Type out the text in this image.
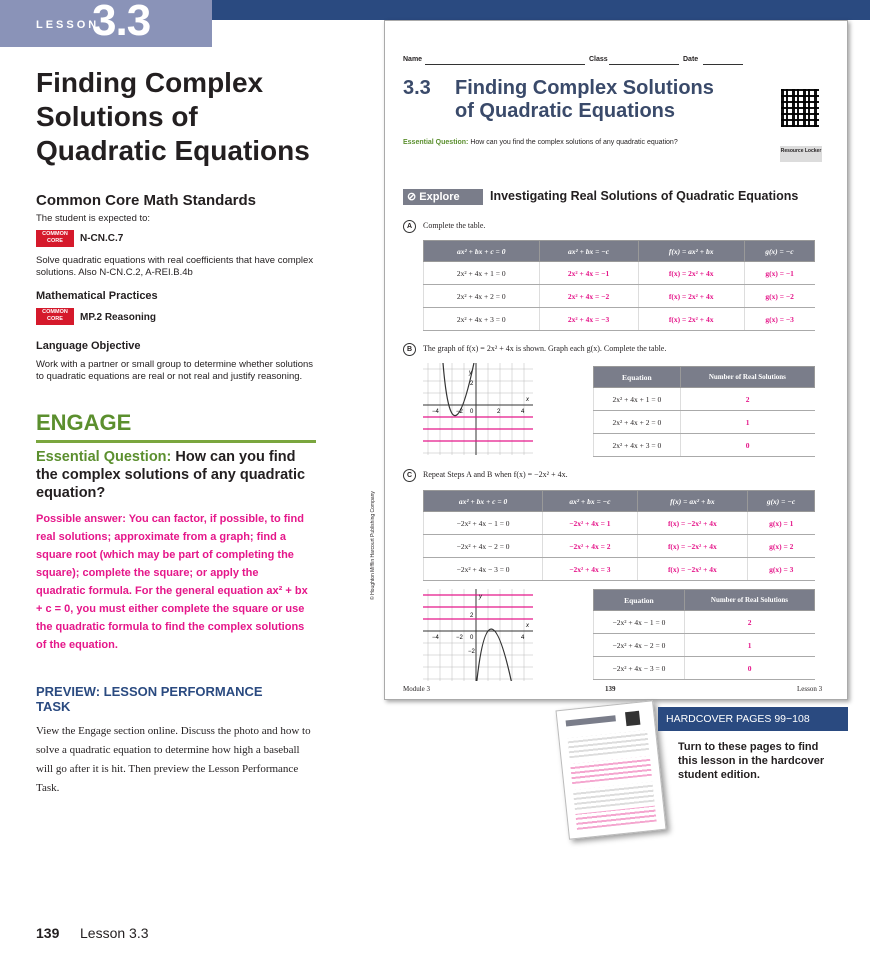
LESSON
3.3
Finding Complex Solutions of Quadratic Equations
Common Core Math Standards
The student is expected to:
COMMON CORE	N-CN.C.7
Solve quadratic equations with real coefficients that have complex solutions. Also N-CN.C.2, A-REI.B.4b
Mathematical Practices
COMMON CORE	MP.2 Reasoning
Language Objective
Work with a partner or small group to determine whether solutions to quadratic equations are real or not real and justify reasoning.
ENGAGE
Essential Question: How can you find the complex solutions of any quadratic equation?
Possible answer: You can factor, if possible, to find real solutions; approximate from a graph; find a square root (which may be part of completing the square); complete the square; or apply the quadratic formula. For the general equation ax² + bx + c = 0, you must either complete the square or use the quadratic formula to find the complex solutions of the equation.
PREVIEW: LESSON PERFORMANCE TASK
View the Engage section online. Discuss the photo and how to solve a quadratic equation to determine how high a baseball will go after it is hit. Then preview the Lesson Performance Task.
139 Lesson 3.3
© Houghton Mifflin Harcourt Publishing Company
Name	Class	Date
3.3 Finding Complex Solutions
of Quadratic Equations
Resource Locker
Essential Question: How can you find the complex solutions of any quadratic equation?
⊘ Explore	Investigating Real Solutions of Quadratic Equations
A	Complete the table.
ax² + bx + c = 0	ax² + bx = −c	f(x) = ax² + bx	g(x) = −c
2x² + 4x + 1 = 0	2x² + 4x = −1	f(x) = 2x² + 4x	g(x) = −1
2x² + 4x + 2 = 0	2x² + 4x = −2	f(x) = 2x² + 4x	g(x) = −2
2x² + 4x + 3 = 0	2x² + 4x = −3	f(x) = 2x² + 4x	g(x) = −3
B	The graph of f(x) = 2x² + 4x is shown. Graph each g(x). Complete the table.
y
x
2
−4	−2 0	2	4
Equation	Number of Real Solutions
2x² + 4x + 1 = 0	2
2x² + 4x + 2 = 0	1
2x² + 4x + 3 = 0	0
C	Repeat Steps A and B when f(x) = −2x² + 4x.
ax² + bx + c = 0	ax² + bx = −c	f(x) = ax² + bx	g(x) = −c
−2x² + 4x − 1 = 0	−2x² + 4x = 1	f(x) = −2x² + 4x	g(x) = 1
−2x² + 4x − 2 = 0	−2x² + 4x = 2	f(x) = −2x² + 4x	g(x) = 2
−2x² + 4x − 3 = 0	−2x² + 4x = 3	f(x) = −2x² + 4x	g(x) = 3
y
x
2
−4	−2 0
−2
4
Equation	Number of Real Solutions
−2x² + 4x − 1 = 0	2
−2x² + 4x − 2 = 0	1
−2x² + 4x − 3 = 0	0
Module 3	139	Lesson 3
HARDCOVER PAGES 99−108
Turn to these pages to find this lesson in the hardcover student edition.
